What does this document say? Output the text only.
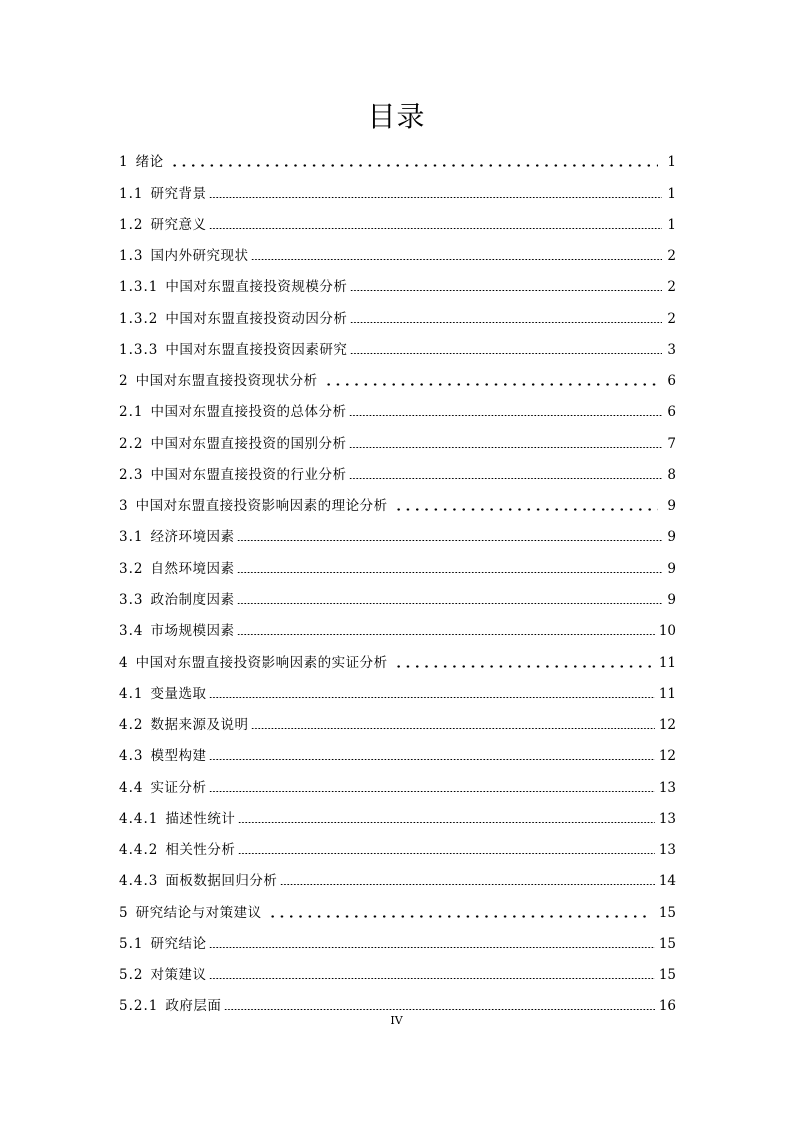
目录
1 绪论	1
1.1 研究背景	1
1.2 研究意义	1
1.3 国内外研究现状	2
1.3.1 中国对东盟直接投资规模分析	2
1.3.2 中国对东盟直接投资动因分析	2
1.3.3 中国对东盟直接投资因素研究	3
2 中国对东盟直接投资现状分析	6
2.1 中国对东盟直接投资的总体分析	6
2.2 中国对东盟直接投资的国别分析	7
2.3 中国对东盟直接投资的行业分析	8
3 中国对东盟直接投资影响因素的理论分析	9
3.1 经济环境因素	9
3.2 自然环境因素	9
3.3 政治制度因素	9
3.4 市场规模因素	10
4 中国对东盟直接投资影响因素的实证分析	11
4.1 变量选取	11
4.2 数据来源及说明	12
4.3 模型构建	12
4.4 实证分析	13
4.4.1 描述性统计	13
4.4.2 相关性分析	13
4.4.3 面板数据回归分析	14
5 研究结论与对策建议	15
5.1 研究结论	15
5.2 对策建议	15
5.2.1 政府层面	16
IV
